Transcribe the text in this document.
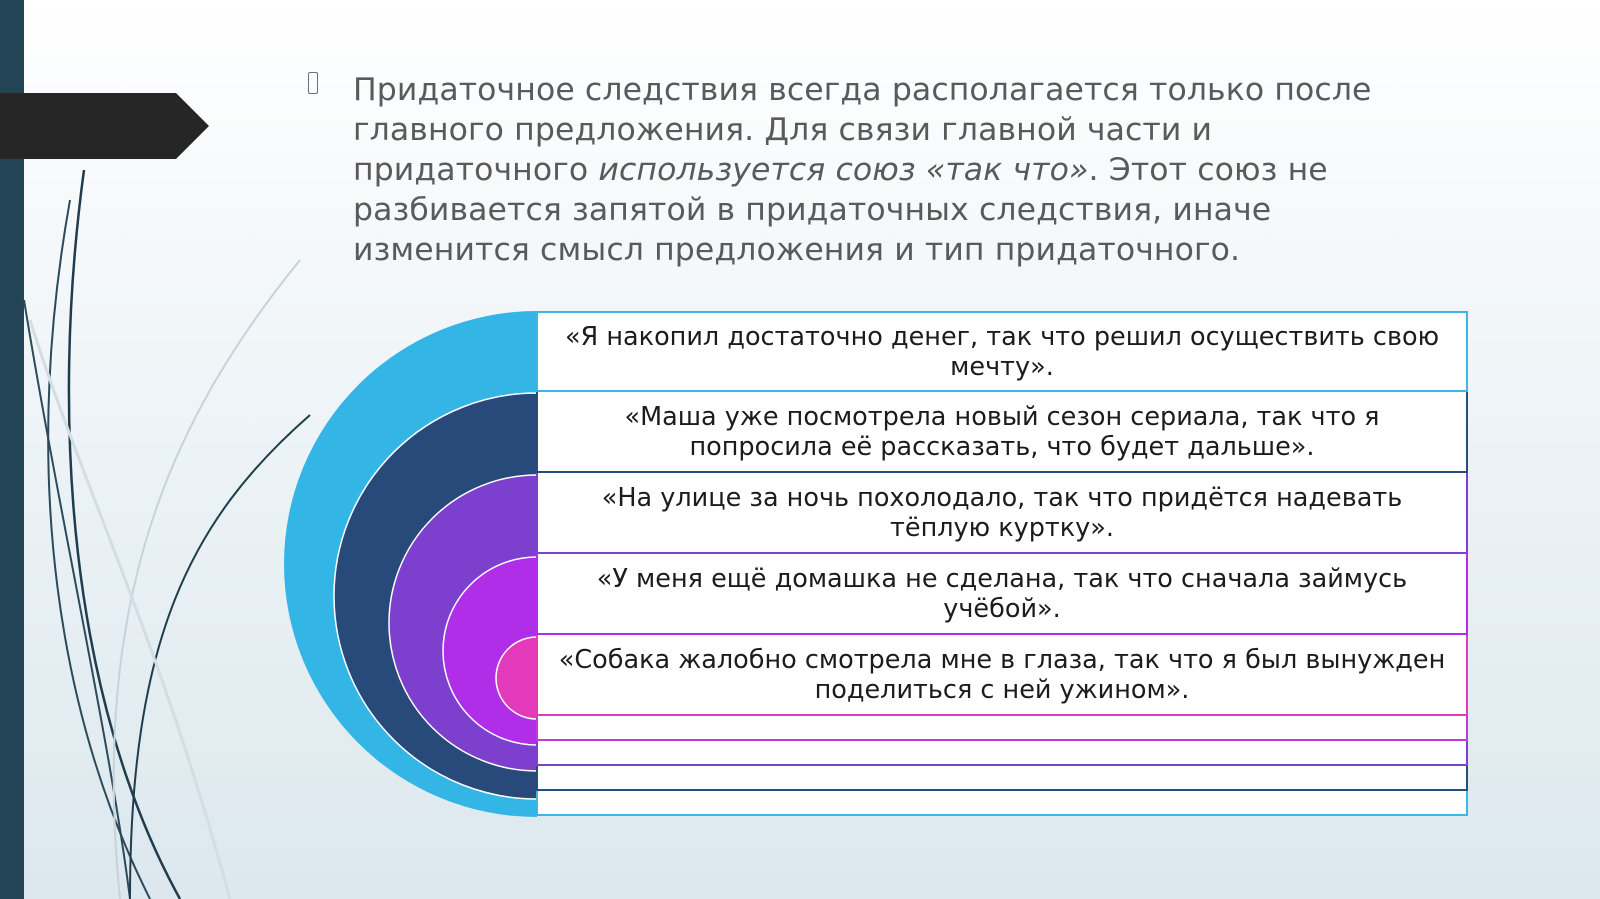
Придаточное следствия всегда располагается только после главного предложения. Для связи главной части и придаточного используется союз «так что». Этот союз не разбивается запятой в придаточных следствия, иначе изменится смысл предложения и тип придаточного.

«Я накопил достаточно денег, так что решил осуществить свою мечту».
«Маша уже посмотрела новый сезон сериала, так что я попросила её рассказать, что будет дальше».
«На улице за ночь похолодало, так что придётся надевать тёплую куртку».
«У меня ещё домашка не сделана, так что сначала займусь учёбой».
«Собака жалобно смотрела мне в глаза, так что я был вынужден поделиться с ней ужином».
